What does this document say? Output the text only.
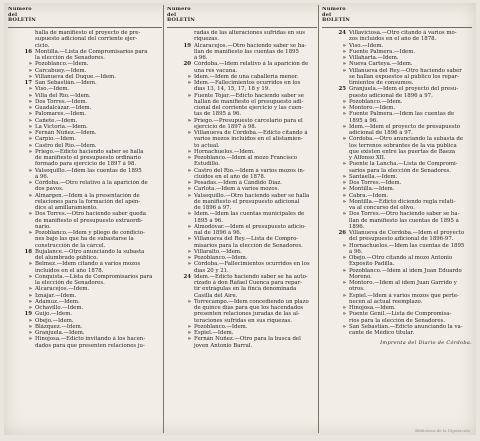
Número
del
BOLETÍN
halla de manifiesto el proyecto de pre-
supuesto adicional del corriente ejer-
cicio.
16 Montilla.—Lista de Compromisarios para
la elección de Senadores.
» Pozoblanco.—Idem.
» Carcabuey.—Idem.
» Villanueva del Duque.—Idem.
17 San Sebastián.—Idem.
» Viso.—Idem.
» Villa del Río.—Idem.
» Dos Torres.—Idem.
» Guadalcázar.—Idem.
» Palomares.—Idem.
» Cañete.—Idem.
» La Victoria.—Idem.
» Fernán Núñez.—Idem.
» Carpio.—Idem.
» Castro del Río.—Idem.
» Priego.—Edicto haciendo saber se halla
de manifiesto el presupuesto ordinario
formado para ejercicio de 1897 á 98.
» Valsequillo.—Idem las cuentas de 1895
á 96.
» Córdoba.—Otro relativo á la aparición de
dos pavos.
» Almargen.—Idem á la presentación de
relaciones para la formación del apén-
dice al amillaramiento.
» Dos Torres.—Otro haciendo saber queda
de manifiesto el presupuesto extraordi-
nario.
» Pozoblanco.—Idem y pliego de condicio-
nes bajo las que ha de subastarse la
construcción de la cárcel.
18 Bujalance.—Otro anunciando la subasta
del alumbrado público.
» Belmez.—Idem citando á varios mozos
incluidos en el año 1878.
» Conquista.—Lista de Compromisarios para
la elección de Senadores.
» Alcaracejos.—Idem.
» Iznájar.—Idem.
» Adamuz.—Idem.
» Ochavillo.—Idem.
19 Guijo.—Idem.
» Obejo.—Idem.
» Blázquez.—Idem.
» Granjuela.—Idem.
» Hinojosa.—Edicto invitando á los hacen-
dados para que presenten relaciones ju-
Número
del
BOLETÍN
radas de las alteraciones sufridas en sus
riquezas.
19 Alcaracejos.—Otro haciendo saber se ha-
llan de manifiesto las cuentas de 1895
á 96.
20 Córdoba.—Idem relativo á la aparición de
una res vacuna.
» Idem.—Idem de una caballería menor.
» Idem.—Fallecimientos ocurridos en los
días 13, 14, 15, 17, 18 y 19.
» Fuente Tójar.—Edicto haciendo saber se
hallan de manifiesto el presupuesto adi-
cional del corriente ejercicio y las cuen-
tas de 1895 á 96.
» Priego.—Presupuesto carcelario para el
ejercicio de 1897 á 98.
» Villanueva de Córdoba.—Edicto citando á
varios mozos incluidos en el alistamien-
to actual.
» Hornachuelos.—Idem.
» Pozoblanco.—Idem al mozo Francisco
Estudillo.
» Castro del Río.—Idem á varios mozos in-
cluidos en el año de 1878.
» Posadas.—Idem á Cándido Díaz.
» Carlota.—Idem á varios mozos.
» Valsequillo.—Otro haciendo saber se halla
de manifiesto el presupuesto adicional
de 1896 á 97.
» Idem.—Idem las cuentas municipales de
1895 á 96.
» Almodóvar.—Idem el presupuesto adicio-
nal de 1896 á 96.
» Villanueva del Rey.—Lista de Compro-
misarios para la elección de Senadores.
» Villaralto.—Idem.
» Pozoblanco.—Idem.
» Córdoba.—Fallecimientos ocurridos en los
días 20 y 21.
24 Idem.—Edicto haciendo saber se ha auto-
rizado á don Rafael Cuenca para repar-
tir extrágulas en la finca denominada
Casilla del Aire.
» Torrecampo.—Idem concediendo un plazo
de quince días para que los hacendados
presenten relaciones juradas de las al-
teraciones sufridas en sus riquezas.
» Pozoblanco.—Idem.
» Espiel.—Idem.
» Fernán Núñez.—Otro para la busca del
joven Antonio Barral.
Número
del
BOLETÍN
24 Villaviciosa.—Otro citando á varios mo-
zos incluidos en el año de 1878.
» Viso.—Idem.
» Fuente Palmera.—Idem.
» Villaharta.—Idem.
» Nueva Carteya.—Idem.
» Villanueva del Rey.—Otro haciendo saber
se hallan expuestos al público los repar-
timientos de consumos.
25 Granjuela.—Idem el proyecto del presu-
puesto adicional de 1896 á 97.
» Pozoblanco.—Idem.
» Montoro.—Idem.
» Fuente Palmera.—Idem las cuentas de
1895 á 96.
» Idem.—Idem el proyecto de presupuesto
adicional de 1896 á 97.
» Córdoba.—Otro anunciando la subasta de
los terrenos sobrantes de la vía pública
que existen entre las puertas de Baeza
y Alfonso XII.
» Puente la Lancha.—Lista de Compromi-
sarios para la elección de Senadores.
» Santaella.—Idem.
» Dos Torres.—Idem.
» Montilla.—Idem.
» Cabra.—Idem.
» Montilla.—Edicto diciendo regla relati-
va al concurso del olivo.
» Dos Torres.—Otro haciendo saber se ha-
llan de manifiesto las cuentas de 1895 á
1896.
26 Villanueva de Córdoba.—Idem el proyecto
del presupuesto adicional de 1896-97.
» Hornachuelos.—Idem las cuentas de 1895
á 96.
» Obejo.—Otro citando al mozo Antonio
Expósito Padilla.
» Pozoblanco.—Idem al idem Juan Eduardo
Moreno.
» Montoro.—Idem al idem Juan Garrido y
otros.
» Espiel.—Idem á varios mozos que perte-
necen al actual reemplazo.
» Hinojosa.—Idem.
» Puente Genil.—Lista de Compromisa-
rios para la elección de Senadores.
» San Sebastián.—Edicto anunciando la va-
cante de Médico titular.
Imprenta del Diario de Córdoba.
Biblioteca de la Diputación
